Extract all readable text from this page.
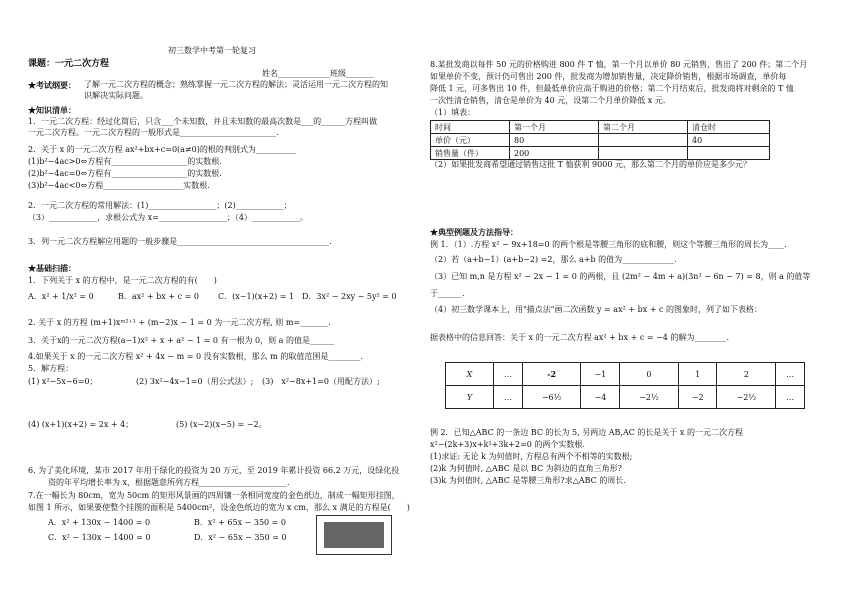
初三数学中考第一轮复习
课题：一元二次方程
姓名_____________班级_______
★考试纲要： 了解一元二次方程的概念；熟练掌握一元二次方程的解法；灵活运用一元二次方程的知
识解决实际问题。
★知识清单：
1．一元二次方程：经过化简后，只含___个未知数，并且未知数的最高次数是___的______方程叫做
一元二次方程。一元二次方程的一般形式是________________________.
2．关于 x 的一元二次方程 ax²+bx+c=0(a≠0)的根的判别式为__________
(1)b²−4ac>0⇔方程有___________________的实数根.
(2)b²−4ac=0⇔方程有___________________的实数根.
(3)b²−4ac<0⇔方程____________________实数根.
2．一元二次方程的常用解法：(1)_________________；(2)____________；
（3）____________，求根公式为 x=_________________；（4）____________。
3．列一元二次方程解应用题的一般步骤是______________________________________.
★基础扫描：
1．下列关于 x 的方程中，是一元二次方程的有(　　)
A．x² + 1/x² = 0	B．ax² + bx + c = 0 C．(x−1)(x+2) = 1 D．3x² − 2xy − 5y² = 0
2. 关于 x 的方程 (m+1)xᵐ²⁺¹ + (m−2)x − 1 = 0 为一元二次方程, 则 m=_______.
3．关于x的一元二次方程(a−1)x² + x + a² − 1 = 0 有一根为 0，则 a 的值是______
4.如果关于 x 的一元二次方程 x² + 4x − m = 0 没有实数根，那么 m 的取值范围是________.
5．解方程：
(1) x²−5x−6=0；	(2) 3x²−4x−1=0（用公式法）; (3)　x²−8x+1=0（用配方法）;
(4) (x+1)(x+2) = 2x + 4；	(5) (x−2)(x−5) = −2。
6. 为了美化环境，某市 2017 年用于绿化的投资为 20 万元，至 2019 年累计投资 66.2 万元，设绿化投
资的年平均增长率为 x，根据题意所列方程______________________.
7.在一幅长为 80cm，宽为 50cm 的矩形风景画的四周镶一条相同宽度的金色纸边，制成一幅矩形挂图，
如图 1 所示，如果要使整个挂图的面积是 5400cm²，设金色纸边的宽为 x cm，那么 x 满足的方程是(　　)
A．x² + 130x − 1400 = 0	B．x² + 65x − 350 = 0
C．x² − 130x − 1400 = 0	D．x² − 65x − 350 = 0
8.某批发商以每件 50 元的价格购进 800 件 T 恤，第一个月以单价 80 元销售，售出了 200 件；第二个月
如果单价不变，预计仍可售出 200 件，批发商为增加销售量，决定降价销售，根据市场调查，单价每
降低 1 元，可多售出 10 件，但最低单价应高于购进的价格；第二个月结束后，批发商将对剩余的 T 恤
一次性清仓销售，清仓是单价为 40 元，设第二个月单价降低 x 元.
（1）填表：
时间	第一个月	第二个月	清仓时
单价（元）	80		40
销售量（件）	200		
（2）如果批发商希望通过销售这批 T 恤获利 9000 元，那么第二个月的单价应是多少元？
★典型例题及方法指导：
例 1．（1）.方程 x² − 9x+18=0 的两个根是等腰三角形的底和腰，则这个等腰三角形的周长为____.
（2）若（a+b−1）(a+b−2) =2，那么 a+b 的值为_____________.
（3）已知 m,n 是方程 x² − 2x − 1 = 0 的两根，且 (2m² − 4m + a)(3n² − 6n − 7) = 8，则 a 的值等
于______.
（4）初三数学课本上，用"描点法"画二次函数 y = ax² + bx + c 的图象时，列了如下表格：
据表格中的信息回答：关于 x 的一元二次方程 ax² + bx + c = −4 的解为________.
X	…	-2	−1	0	1	2	…
Y	…	−6½	−4	−2½	−2	−2½	…
例 2．已知△ABC 的一条边 BC 的长为 5, 另两边 AB,AC 的长是关于 x 的一元二次方程
x²−(2k+3)x+k²+3k+2=0 的两个实数根.
(1)求证: 无论 k 为何值时, 方程总有两个不相等的实数根;
(2)k 为何值时, △ABC 是以 BC 为斜边的直角三角形?
(3)k 为何值时, △ABC 是等腰三角形?求△ABC 的周长.
